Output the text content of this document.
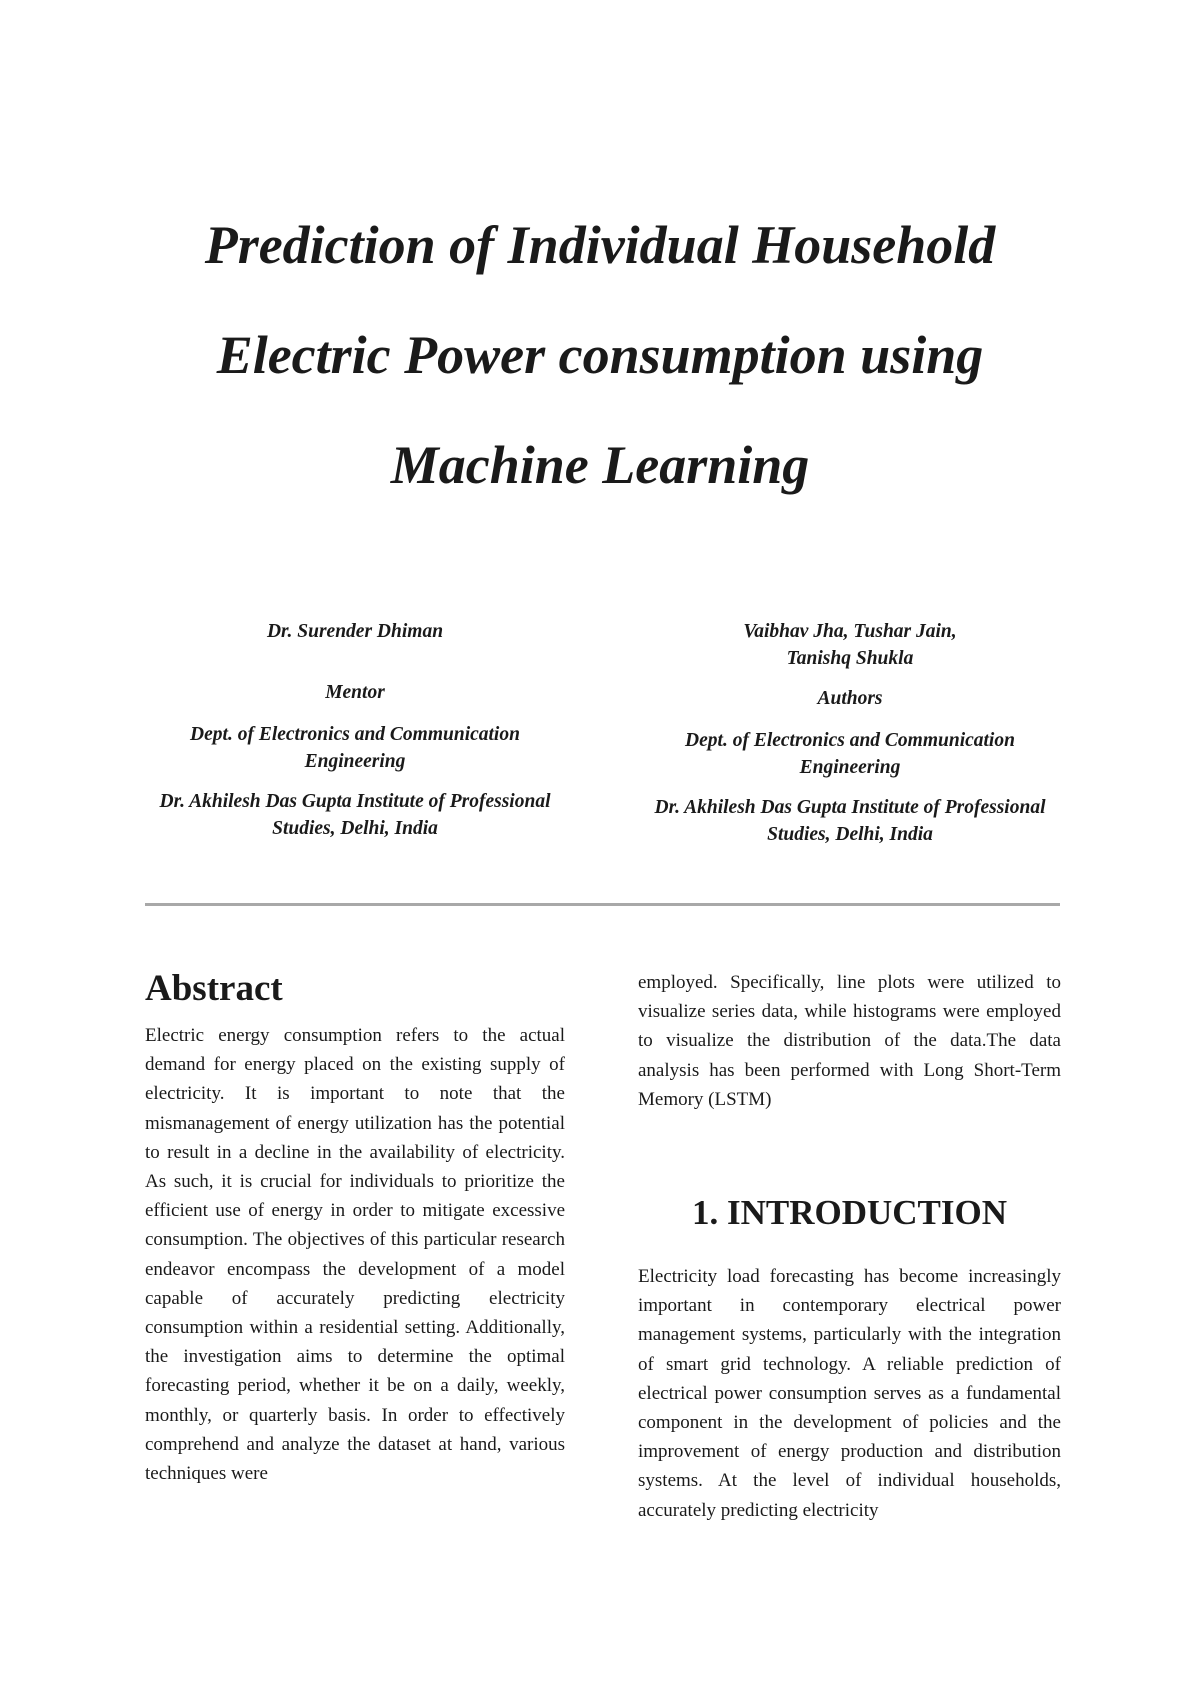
Prediction of Individual Household
Electric Power consumption using
Machine Learning

Dr. Surender Dhiman

Mentor

Dept. of Electronics and Communication Engineering

Dr. Akhilesh Das Gupta Institute of Professional Studies, Delhi, India

Vaibhav Jha, Tushar Jain,
Tanishq Shukla

Authors

Dept. of Electronics and Communication Engineering

Dr. Akhilesh Das Gupta Institute of Professional Studies, Delhi, India

Abstract

Electric energy consumption refers to the actual demand for energy placed on the existing supply of electricity. It is important to note that the mismanagement of energy utilization has the potential to result in a decline in the availability of electricity. As such, it is crucial for individuals to prioritize the efficient use of energy in order to mitigate excessive consumption. The objectives of this particular research endeavor encompass the development of a model capable of accurately predicting electricity consumption within a residential setting. Additionally, the investigation aims to determine the optimal forecasting period, whether it be on a daily, weekly, monthly, or quarterly basis. In order to effectively comprehend and analyze the dataset at hand, various techniques were

employed. Specifically, line plots were utilized to visualize series data, while histograms were employed to visualize the distribution of the data.The data analysis has been performed with Long Short-Term Memory (LSTM)

1. INTRODUCTION

Electricity load forecasting has become increasingly important in contemporary electrical power management systems, particularly with the integration of smart grid technology. A reliable prediction of electrical power consumption serves as a fundamental component in the development of policies and the improvement of energy production and distribution systems. At the level of individual households, accurately predicting electricity
